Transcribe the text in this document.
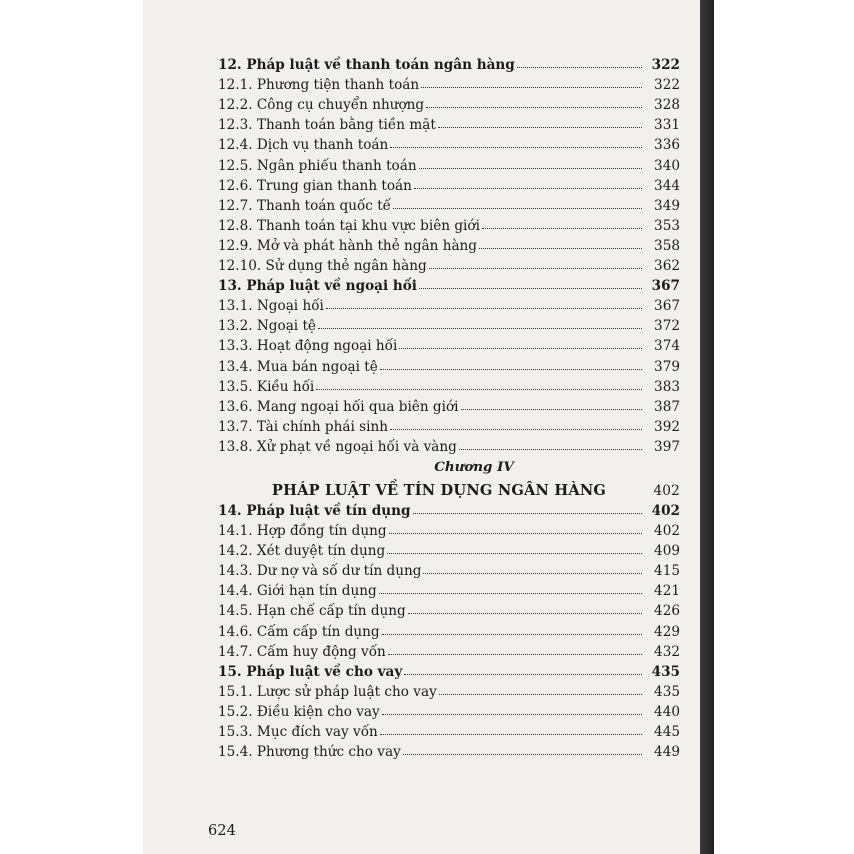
12. Pháp luật về thanh toán ngân hàng	322
12.1. Phương tiện thanh toán	322
12.2. Công cụ chuyển nhượng	328
12.3. Thanh toán bằng tiền mặt	331
12.4. Dịch vụ thanh toán	336
12.5. Ngân phiếu thanh toán	340
12.6. Trung gian thanh toán	344
12.7. Thanh toán quốc tế	349
12.8. Thanh toán tại khu vực biên giới	353
12.9. Mở và phát hành thẻ ngân hàng	358
12.10. Sử dụng thẻ ngân hàng	362
13. Pháp luật về ngoại hối	367
13.1. Ngoại hối	367
13.2. Ngoại tệ	372
13.3. Hoạt động ngoại hối	374
13.4. Mua bán ngoại tệ	379
13.5. Kiều hối	383
13.6. Mang ngoại hối qua biên giới	387
13.7. Tài chính phái sinh	392
13.8. Xử phạt về ngoại hối và vàng	397
Chương IV
PHÁP LUẬT VỀ TÍN DỤNG NGÂN HÀNG	402
14. Pháp luật về tín dụng	402
14.1. Hợp đồng tín dụng	402
14.2. Xét duyệt tín dụng	409
14.3. Dư nợ và số dư tín dụng	415
14.4. Giới hạn tín dụng	421
14.5. Hạn chế cấp tín dụng	426
14.6. Cấm cấp tín dụng	429
14.7. Cấm huy động vốn	432
15. Pháp luật về cho vay	435
15.1. Lược sử pháp luật cho vay	435
15.2. Điều kiện cho vay	440
15.3. Mục đích vay vốn	445
15.4. Phương thức cho vay	449
624
